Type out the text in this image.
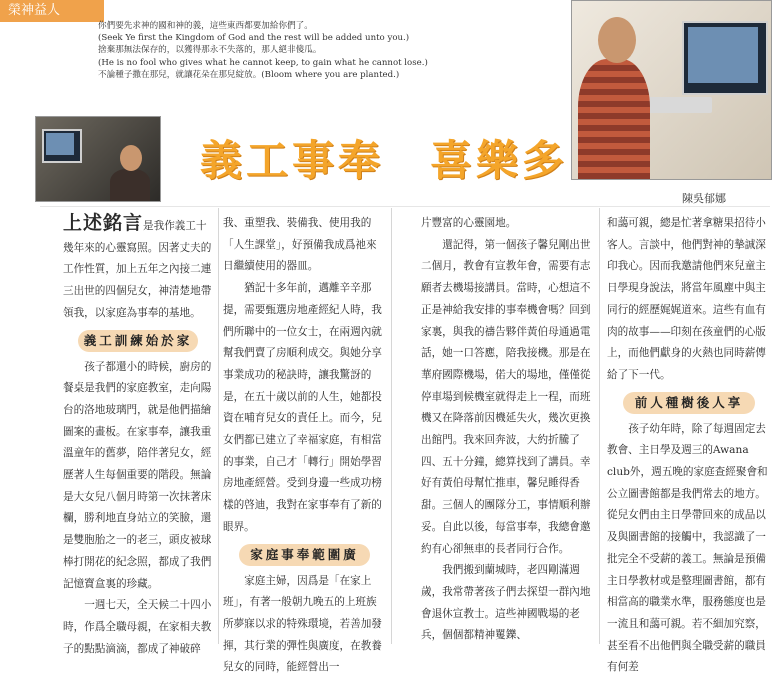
榮神益人
你們要先求神的國和神的義，這些東西都要加給你們了。
(Seek Ye first the Kingdom of God and the rest will be added unto you.)
捨棄那無法保存的，以獲得那永不失落的，那人絕非傻瓜。
(He is no fool who gives what he cannot keep, to gain what he cannot lose.)
不論種子撒在那兒，就讓花朵在那兒綻放。(Bloom where you are planted.)
義工事奉　喜樂多
陳吳郁娜

上述銘言是我作義工十幾年來的心靈寫照。因著丈夫的工作性質，加上五年之內接二連三出世的四個兒女，神清楚地帶領我，以家庭為事奉的基地。

義工訓練始於家

孩子都還小的時候，廚房的餐桌是我們的家庭教室，走向陽台的洛地玻璃門，就是他們描繪圖案的畫板。在家事奉，讓我重溫童年的舊夢，陪伴著兒女，經歷著人生每個重要的階段。無論是大女兒八個月時第一次抹著床欄，勝利地直身站立的笑臉，還是雙胞胎之一的老三，頭皮被球棒打開花的紀念照，都成了我們記憶寶盒裏的珍藏。

一週七天，全天候二十四小時，作爲全職母親，在家相夫教子的點點滴滴，都成了神破碎

我、重塑我、裝備我、使用我的「人生課堂」，好預備我成爲祂來日繼續使用的器皿。

猶記十多年前，邁離辛辛那提，需要甄選房地產經紀人時，我們所聯中的一位女士，在兩週內就幫我們賣了房順利成交。與她分享事業成功的秘訣時，讓我驚訝的是，在五十歲以前的人生，她都投資在哺育兒女的責任上。而今，兒女們都已建立了幸福家庭，有相當的事業，自己才「轉行」開始學習房地產經營。受到身邊一些成功榜樣的啓迪，我對在家事奉有了新的眼界。

家庭事奉範圍廣

家庭主婦，因爲是「在家上班」，有著一般朝九晚五的上班族所夢寐以求的特殊環境，若善加發揮，其行業的彈性與廣度，在教養兒女的同時，能經營出一

片豐富的心靈園地。

還記得，第一個孩子馨兒剛出世二個月，教會有宣教年會，需要有志願者去機場接講員。當時，心想這不正是神給我安排的事奉機會嗎？回到家裏，與我的禱告夥伴黃伯母通過電話，她一口答應，陪我接機。那是在華府國際機場，偌大的場地，僅僅從停車場到候機室就得走上一程，而班機又在降落前因機延失火，幾次更換出館門。我來回奔波，大約折騰了四、五十分鐘，總算找到了講員。幸好有黃伯母幫忙推車，馨兒睡得香甜。三個人的團隊分工，事情順利辦妥。自此以後，每當事奉，我總會邀約有心卻無車的長者同行合作。

我們搬到蘭城時，老四剛滿週歲，我常帶著孩子們去探望一群內地會退休宣教士。這些神國戰場的老兵，個個都精神矍鑠、

和藹可親，總是忙著拿糖果招待小客人。言談中，他們對神的摯誠深印我心。因而我邀請他們來兒童主日學現身說法，將當年風塵中與主同行的經歷娓娓道來。這些有血有肉的故事——印刻在孩童們的心版上，而他們獻身的火熱也同時薪傳給了下一代。

前人種樹後人享

孩子幼年時，除了每週固定去教會、主日學及週三的Awana club外，週五晚的家庭查經聚會和公立圖書館都是我們常去的地方。從兒女們由主日學帶回來的成品以及與圖書館的接觸中，我認識了一批完全不受薪的義工。無論是預備主日學教材或是整理圖書館，都有相當高的職業水準，服務態度也是一流且和藹可親。若不細加究察，甚至看不出他們與全職受薪的職員有何差
